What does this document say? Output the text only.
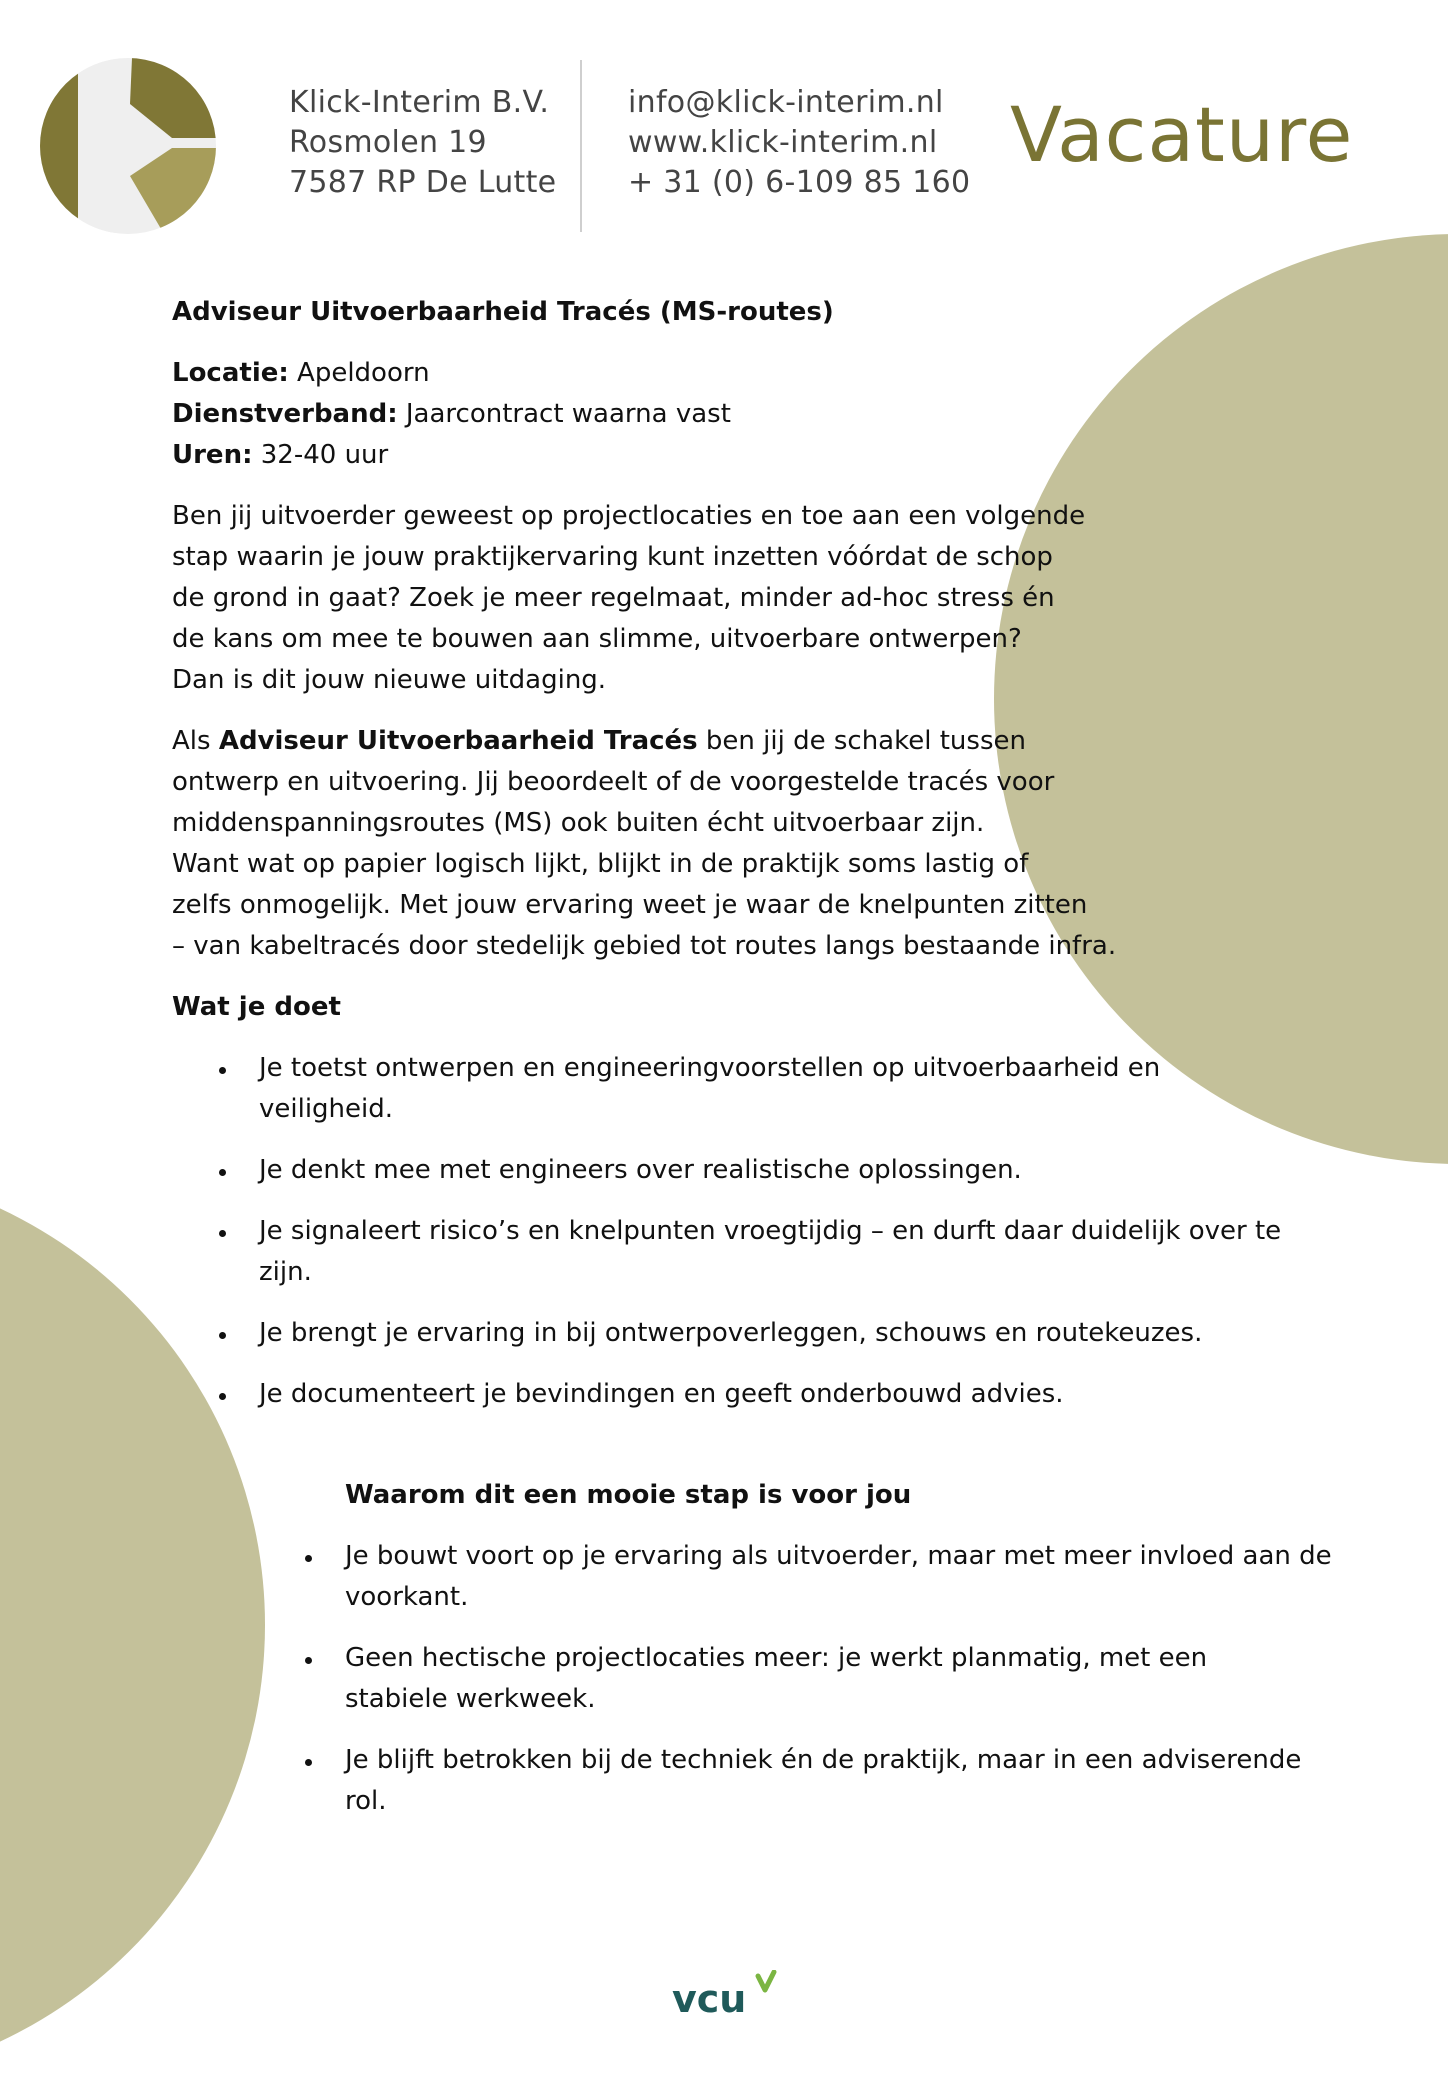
Klick-Interim B.V.
Rosmolen 19
7587 RP De Lutte
info@klick-interim.nl
www.klick-interim.nl
+ 31 (0) 6-109 85 160
Vacature
Adviseur Uitvoerbaarheid Tracés (MS-routes)

Locatie: Apeldoorn

Dienstverband: Jaarcontract waarna vast

Uren: 32-40 uur

Ben jij uitvoerder geweest op projectlocaties en toe aan een volgende
stap waarin je jouw praktijkervaring kunt inzetten vóórdat de schop
de grond in gaat? Zoek je meer regelmaat, minder ad-hoc stress én
de kans om mee te bouwen aan slimme, uitvoerbare ontwerpen?
Dan is dit jouw nieuwe uitdaging.
Als Adviseur Uitvoerbaarheid Tracés ben jij de schakel tussen
ontwerp en uitvoering. Jij beoordeelt of de voorgestelde tracés voor
middenspanningsroutes (MS) ook buiten écht uitvoerbaar zijn.
Want wat op papier logisch lijkt, blijkt in de praktijk soms lastig of
zelfs onmogelijk. Met jouw ervaring weet je waar de knelpunten zitten
– van kabeltracés door stedelijk gebied tot routes langs bestaande infra.
Wat je doet
Je toetst ontwerpen en engineeringvoorstellen op uitvoerbaarheid en
veiligheid.
Je denkt mee met engineers over realistische oplossingen.
Je signaleert risico’s en knelpunten vroegtijdig – en durft daar duidelijk over te
zijn.
Je brengt je ervaring in bij ontwerpoverleggen, schouws en routekeuzes.
Je documenteert je bevindingen en geeft onderbouwd advies.
Waarom dit een mooie stap is voor jou
Je bouwt voort op je ervaring als uitvoerder, maar met meer invloed aan de
voorkant.
Geen hectische projectlocaties meer: je werkt planmatig, met een
stabiele werkweek.
Je blijft betrokken bij de techniek én de praktijk, maar in een adviserende
rol.
vcu
